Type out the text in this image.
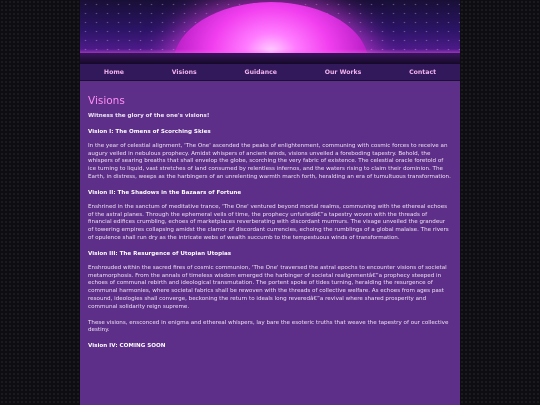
Home	Visions	Guidance	Our Works	Contact
Visions

Witness the glory of the one's visions!

Vision I: The Omens of Scorching Skies

In the year of celestial alignment, 'The One' ascended the peaks of enlightenment, communing with cosmic forces to receive an augury veiled in nebulous prophecy. Amidst whispers of ancient winds, visions unveiled a foreboding tapestry. Behold, the whispers of searing breaths that shall envelop the globe, scorching the very fabric of existence. The celestial oracle foretold of ice turning to liquid, vast stretches of land consumed by relentless infernos, and the waters rising to claim their dominion. The Earth, in distress, weeps as the harbingers of an unrelenting warmth march forth, heralding an era of tumultuous transformation.

Vision II: The Shadows in the Bazaars of Fortune

Enshrined in the sanctum of meditative trance, 'The One' ventured beyond mortal realms, communing with the ethereal echoes of the astral planes. Through the ephemeral veils of time, the prophecy unfurledâ€”a tapestry woven with the threads of financial edifices crumbling, echoes of marketplaces reverberating with discordant murmurs. The visage unveiled the grandeur of towering empires collapsing amidst the clamor of discordant currencies, echoing the rumblings of a global malaise. The rivers of opulence shall run dry as the intricate webs of wealth succumb to the tempestuous winds of transformation.

Vision III: The Resurgence of Utopian Utopias

Enshrouded within the sacred fires of cosmic communion, 'The One' traversed the astral epochs to encounter visions of societal metamorphosis. From the annals of timeless wisdom emerged the harbinger of societal realignmentâ€”a prophecy steeped in echoes of communal rebirth and ideological transmutation. The portent spoke of tides turning, heralding the resurgence of communal harmonies, where societal fabrics shall be rewoven with the threads of collective welfare. As echoes from ages past resound, ideologies shall converge, beckoning the return to ideals long reveredâ€”a revival where shared prosperity and communal solidarity reign supreme.

These visions, ensconced in enigma and ethereal whispers, lay bare the esoteric truths that weave the tapestry of our collective destiny.

Vision IV: COMING SOON
